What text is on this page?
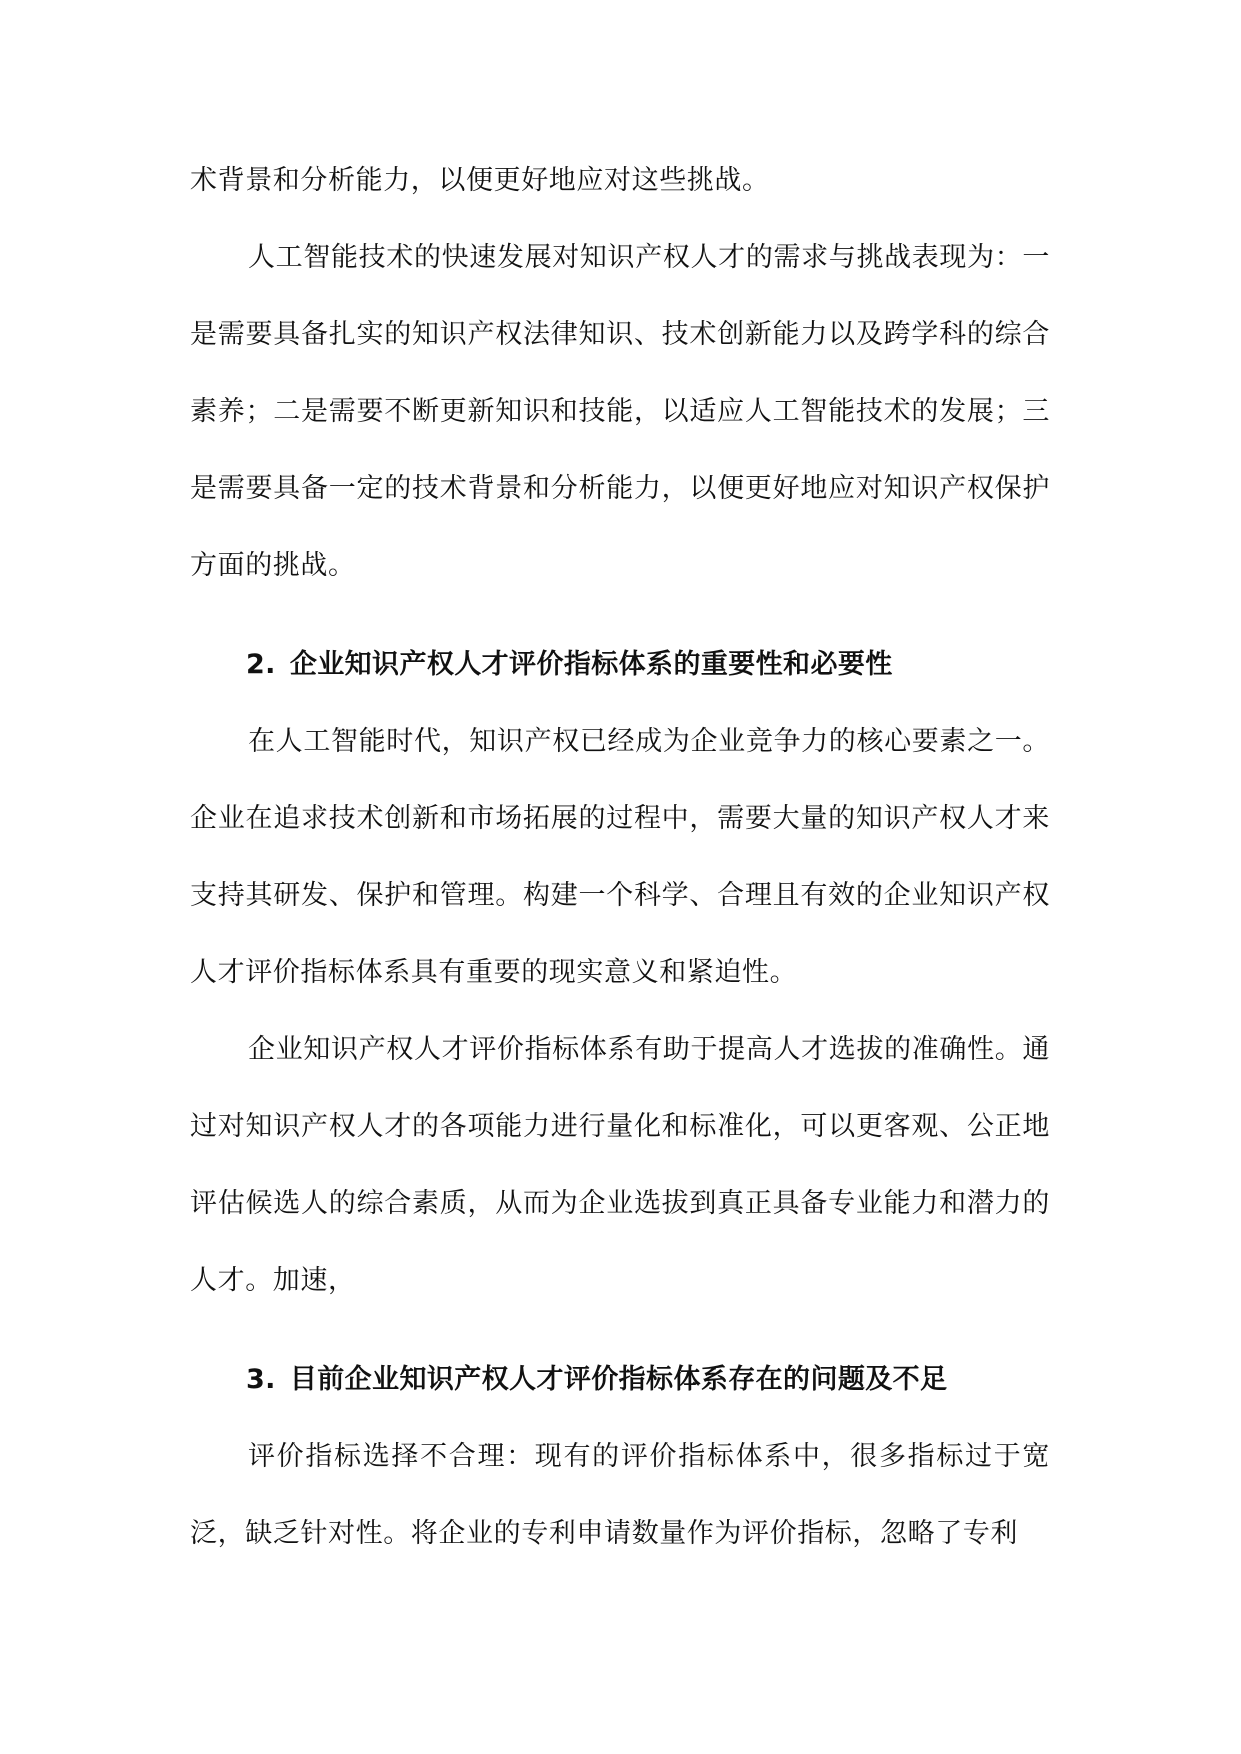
术背景和分析能力，以便更好地应对这些挑战。

人工智能技术的快速发展对知识产权人才的需求与挑战表现为：一是需要具备扎实的知识产权法律知识、技术创新能力以及跨学科的综合素养；二是需要不断更新知识和技能，以适应人工智能技术的发展；三是需要具备一定的技术背景和分析能力，以便更好地应对知识产权保护方面的挑战。

2. 企业知识产权人才评价指标体系的重要性和必要性

在人工智能时代，知识产权已经成为企业竞争力的核心要素之一。企业在追求技术创新和市场拓展的过程中，需要大量的知识产权人才来支持其研发、保护和管理。构建一个科学、合理且有效的企业知识产权人才评价指标体系具有重要的现实意义和紧迫性。

企业知识产权人才评价指标体系有助于提高人才选拔的准确性。通过对知识产权人才的各项能力进行量化和标准化，可以更客观、公正地评估候选人的综合素质，从而为企业选拔到真正具备专业能力和潜力的人才。加速，

3. 目前企业知识产权人才评价指标体系存在的问题及不足

评价指标选择不合理：现有的评价指标体系中，很多指标过于宽泛，缺乏针对性。将企业的专利申请数量作为评价指标，忽略了专利
